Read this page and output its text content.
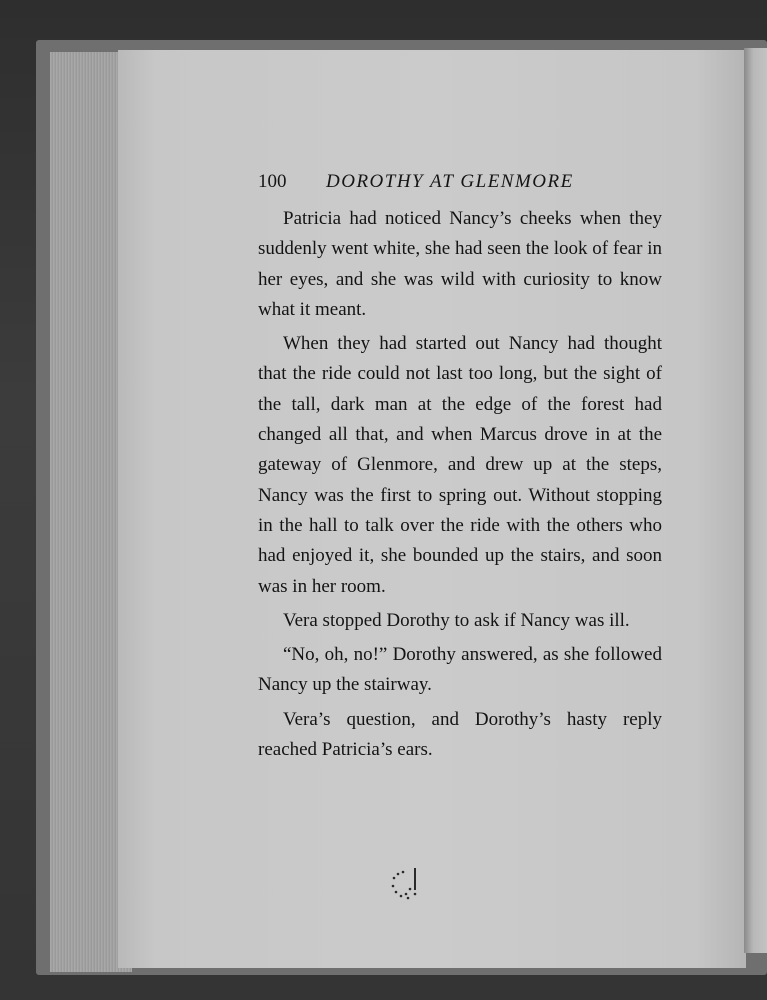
100 DOROTHY AT GLENMORE

Patricia had noticed Nancy’s cheeks when they suddenly went white, she had seen the look of fear in her eyes, and she was wild with curiosity to know what it meant.

When they had started out Nancy had thought that the ride could not last too long, but the sight of the tall, dark man at the edge of the forest had changed all that, and when Marcus drove in at the gateway of Glenmore, and drew up at the steps, Nancy was the first to spring out. Without stopping in the hall to talk over the ride with the others who had enjoyed it, she bounded up the stairs, and soon was in her room.

Vera stopped Dorothy to ask if Nancy was ill.

“No, oh, no!” Dorothy answered, as she followed Nancy up the stairway.

Vera’s question, and Dorothy’s hasty reply reached Patricia’s ears.
